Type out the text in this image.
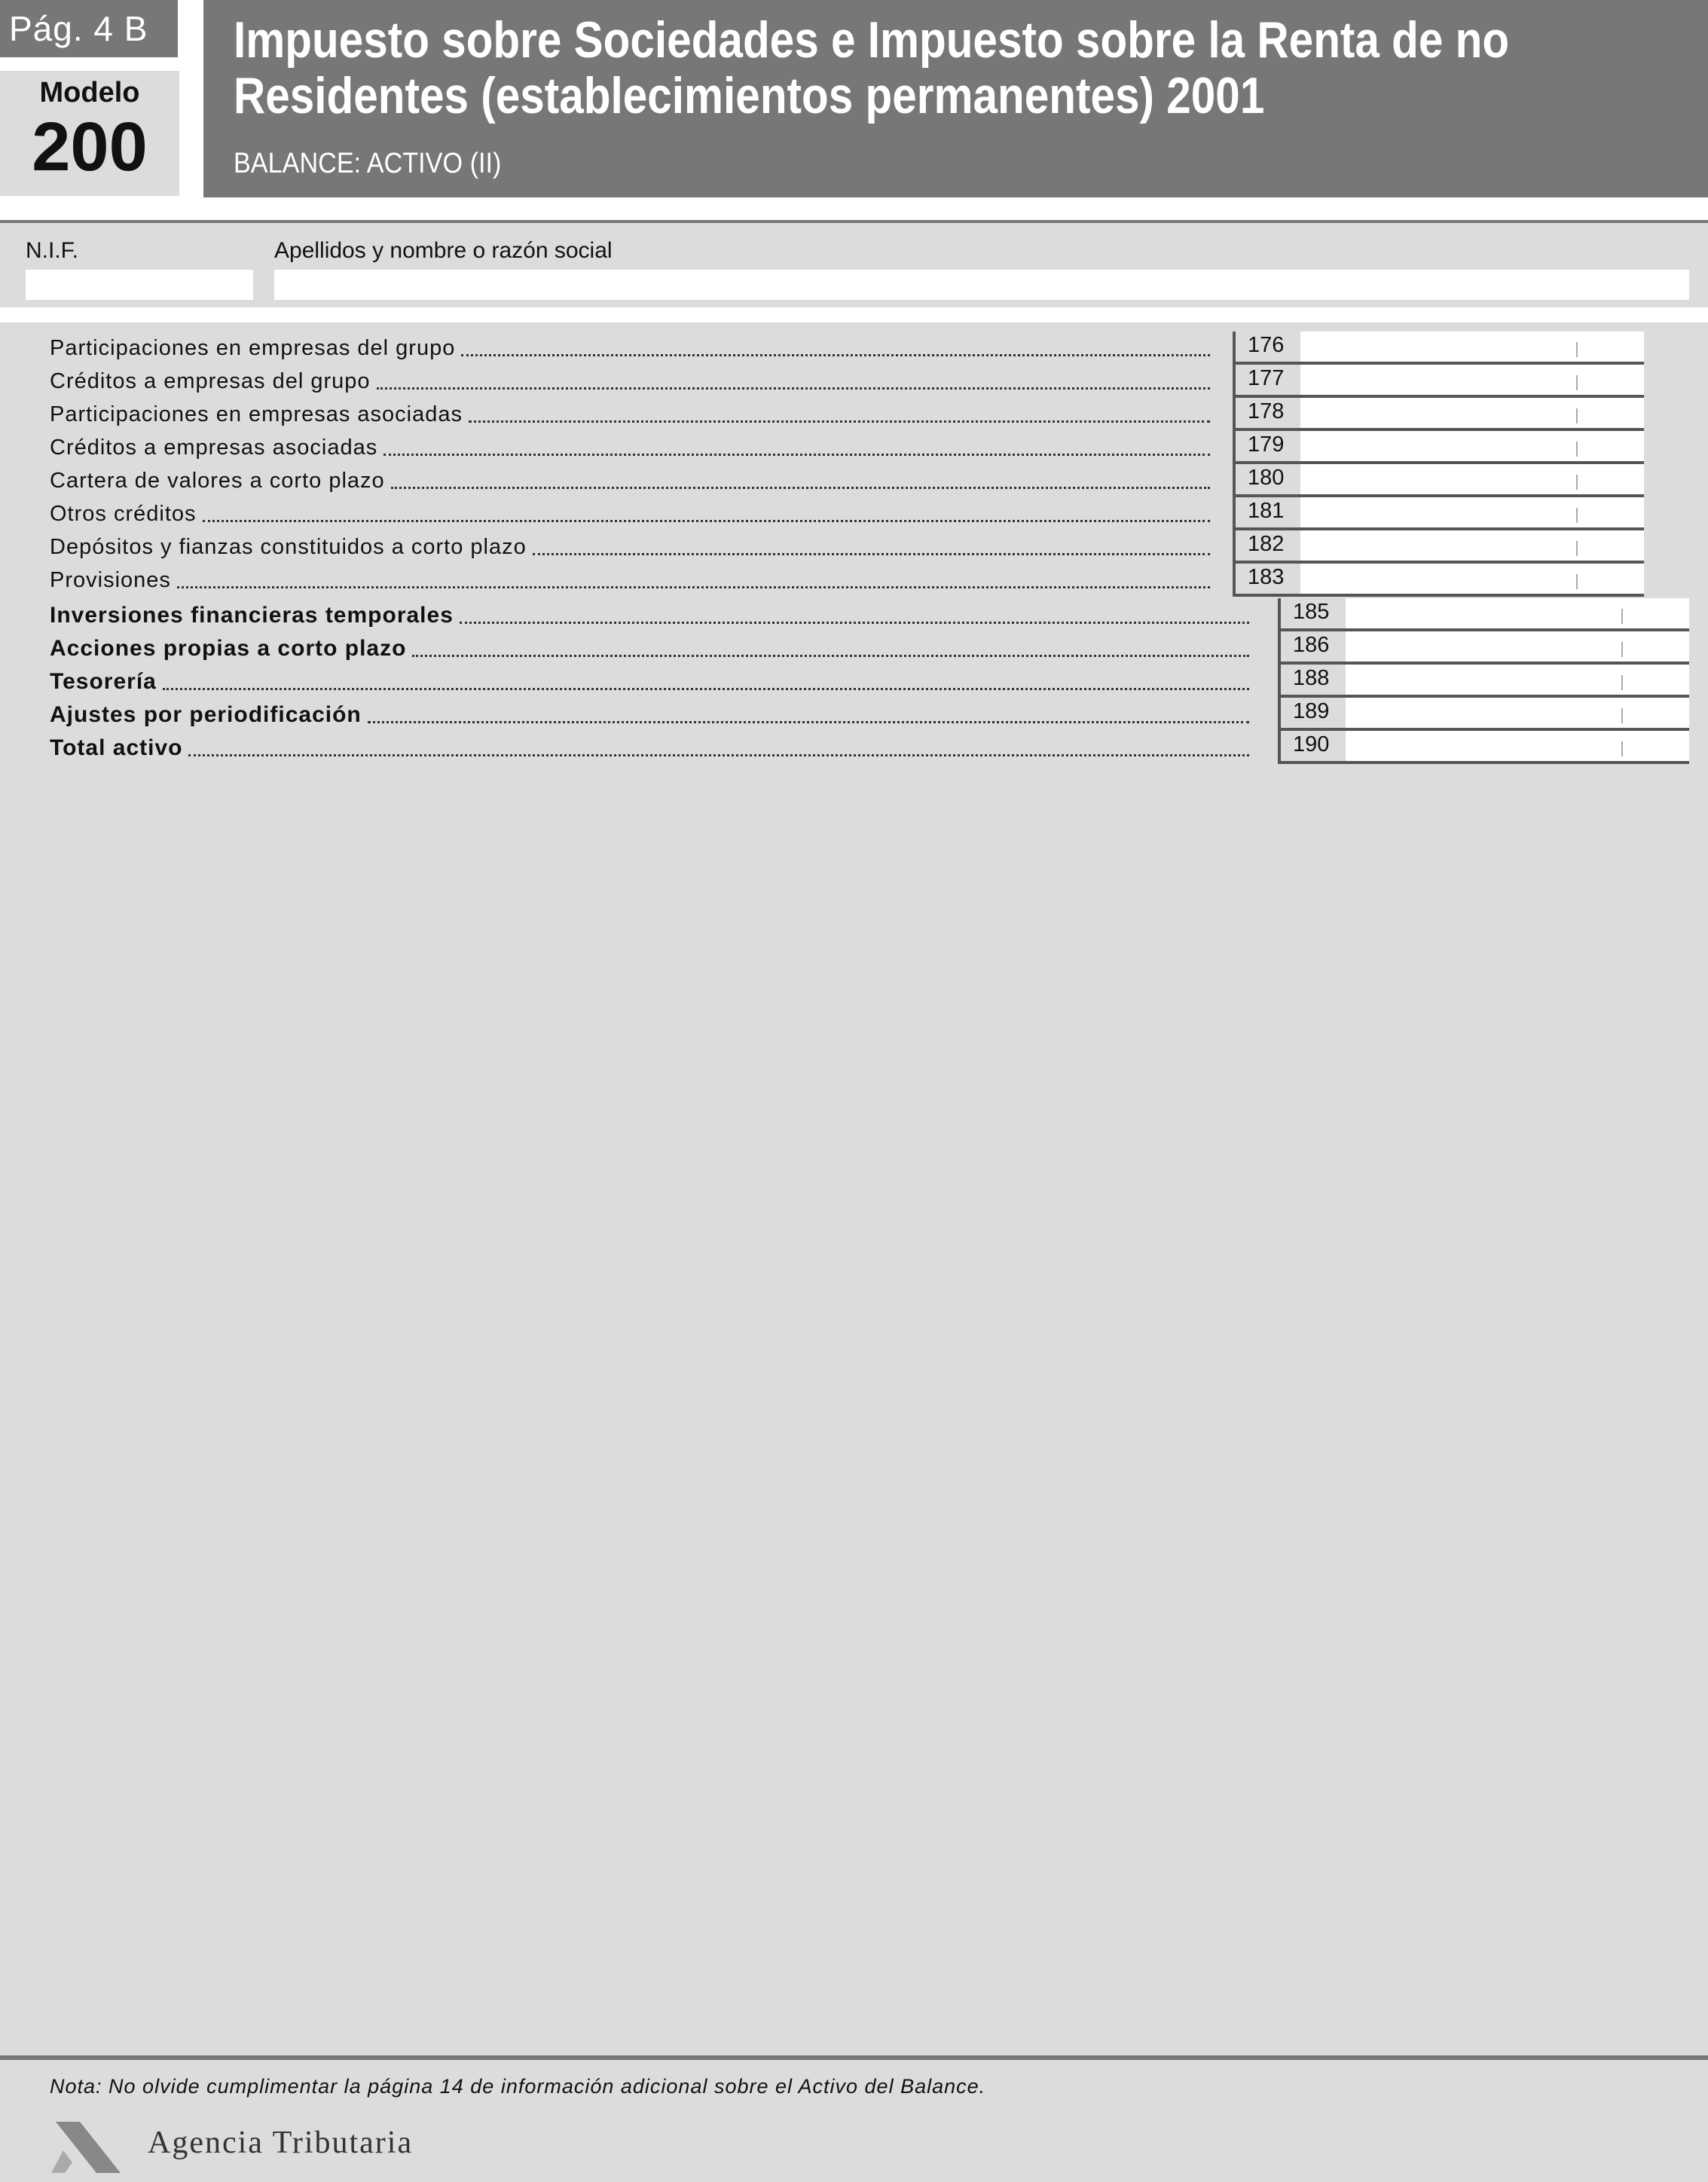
Pág. 4 B
Modelo
200
Impuesto sobre Sociedades e Impuesto sobre la Renta de no
Residentes (establecimientos permanentes) 2001
BALANCE: ACTIVO (II)
N.I.F.	Apellidos y nombre o razón social
Participaciones en empresas del grupo	176
Créditos a empresas del grupo	177
Participaciones en empresas asociadas	178
Créditos a empresas asociadas	179
Cartera de valores a corto plazo	180
Otros créditos	181
Depósitos y fianzas constituidos a corto plazo	182
Provisiones	183
Inversiones financieras temporales	185
Acciones propias a corto plazo	186
Tesorería	188
Ajustes por periodificación	189
Total activo	190
Nota: No olvide cumplimentar la página 14 de información adicional sobre el Activo del Balance.
Agencia Tributaria
